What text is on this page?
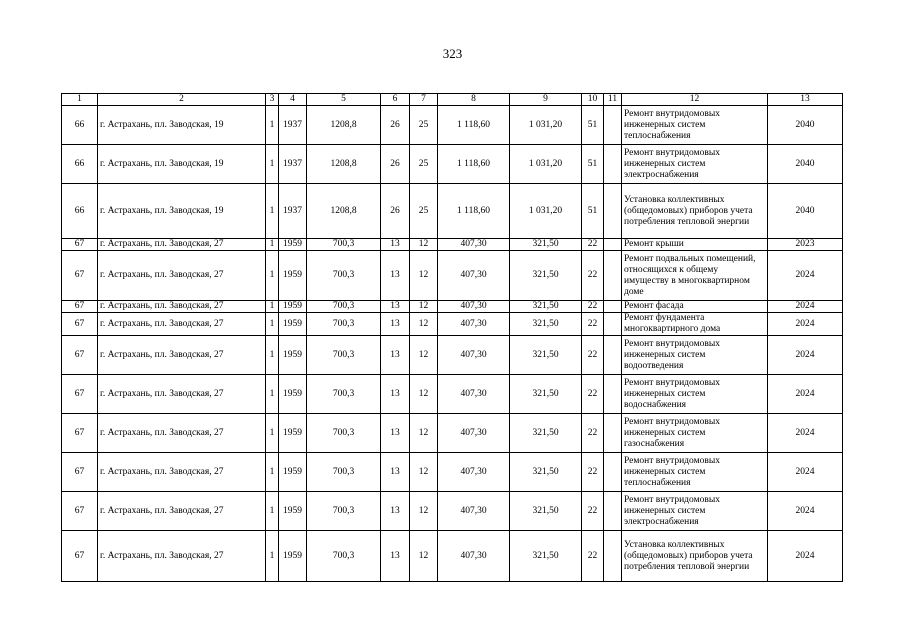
323
1	2	3	4	5	6	7	8	9	10	11	12	13
66	г. Астрахань, пл. Заводская, 19	1	1937	1208,8	26	25	1 118,60	1 031,20	51		Ремонт внутридомовых инженерных систем теплоснабжения	2040
66	г. Астрахань, пл. Заводская, 19	1	1937	1208,8	26	25	1 118,60	1 031,20	51		Ремонт внутридомовых инженерных систем электроснабжения	2040
66	г. Астрахань, пл. Заводская, 19	1	1937	1208,8	26	25	1 118,60	1 031,20	51		Установка коллективных (общедомовых) приборов учета потребления тепловой энергии	2040
67	г. Астрахань, пл. Заводская, 27	1	1959	700,3	13	12	407,30	321,50	22		Ремонт крыши	2023
67	г. Астрахань, пл. Заводская, 27	1	1959	700,3	13	12	407,30	321,50	22		Ремонт подвальных помещений, относящихся к общему имуществу в многоквартирном доме	2024
67	г. Астрахань, пл. Заводская, 27	1	1959	700,3	13	12	407,30	321,50	22		Ремонт фасада	2024
67	г. Астрахань, пл. Заводская, 27	1	1959	700,3	13	12	407,30	321,50	22		Ремонт фундамента многоквартирного дома	2024
67	г. Астрахань, пл. Заводская, 27	1	1959	700,3	13	12	407,30	321,50	22		Ремонт внутридомовых инженерных систем водоотведения	2024
67	г. Астрахань, пл. Заводская, 27	1	1959	700,3	13	12	407,30	321,50	22		Ремонт внутридомовых инженерных систем водоснабжения	2024
67	г. Астрахань, пл. Заводская, 27	1	1959	700,3	13	12	407,30	321,50	22		Ремонт внутридомовых инженерных систем газоснабжения	2024
67	г. Астрахань, пл. Заводская, 27	1	1959	700,3	13	12	407,30	321,50	22		Ремонт внутридомовых инженерных систем теплоснабжения	2024
67	г. Астрахань, пл. Заводская, 27	1	1959	700,3	13	12	407,30	321,50	22		Ремонт внутридомовых инженерных систем электроснабжения	2024
67	г. Астрахань, пл. Заводская, 27	1	1959	700,3	13	12	407,30	321,50	22		Установка коллективных (общедомовых) приборов учета потребления тепловой энергии	2024
